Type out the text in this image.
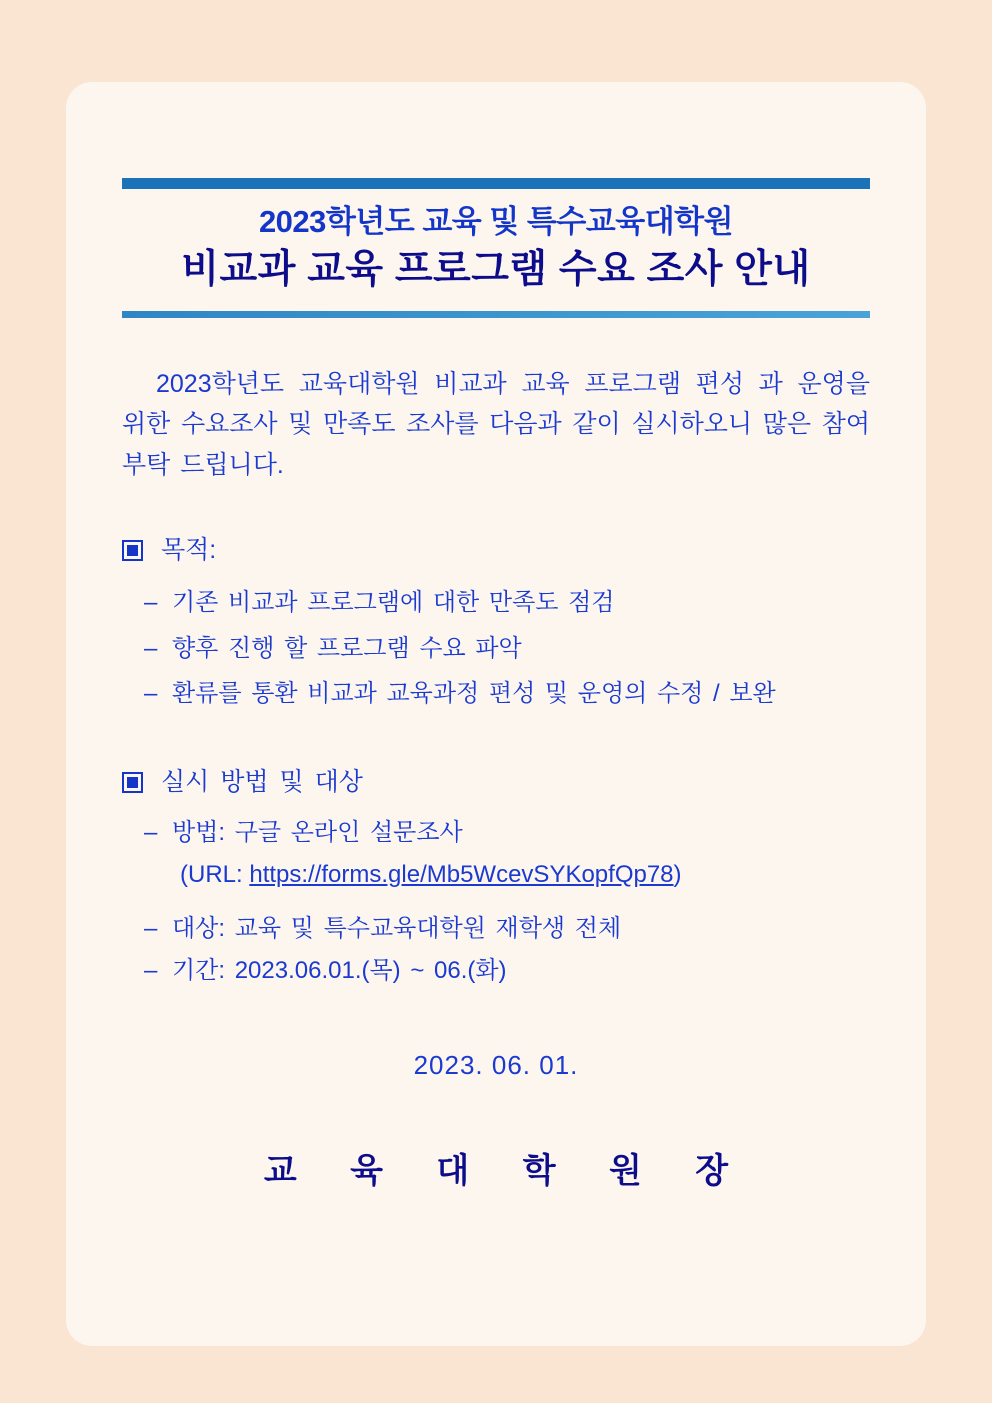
2023학년도 교육 및 특수교육대학원
비교과 교육 프로그램 수요 조사 안내

2023학년도 교육대학원 비교과 교육 프로그램 편성 과 운영을 위한 수요조사 및 만족도 조사를 다음과 같이 실시하오니 많은 참여 부탁 드립니다.

목적:
– 기존 비교과 프로그램에 대한 만족도 점검
– 향후 진행 할 프로그램 수요 파악
– 환류를 통환 비교과 교육과정 편성 및 운영의 수정 / 보완
실시 방법 및 대상
– 방법: 구글 온라인 설문조사
(URL: https://forms.gle/Mb5WcevSYKopfQp78)
– 대상: 교육 및 특수교육대학원 재학생 전체
– 기간: 2023.06.01.(목) ~ 06.(화)
2023. 06. 01.
교 육 대 학 원 장
